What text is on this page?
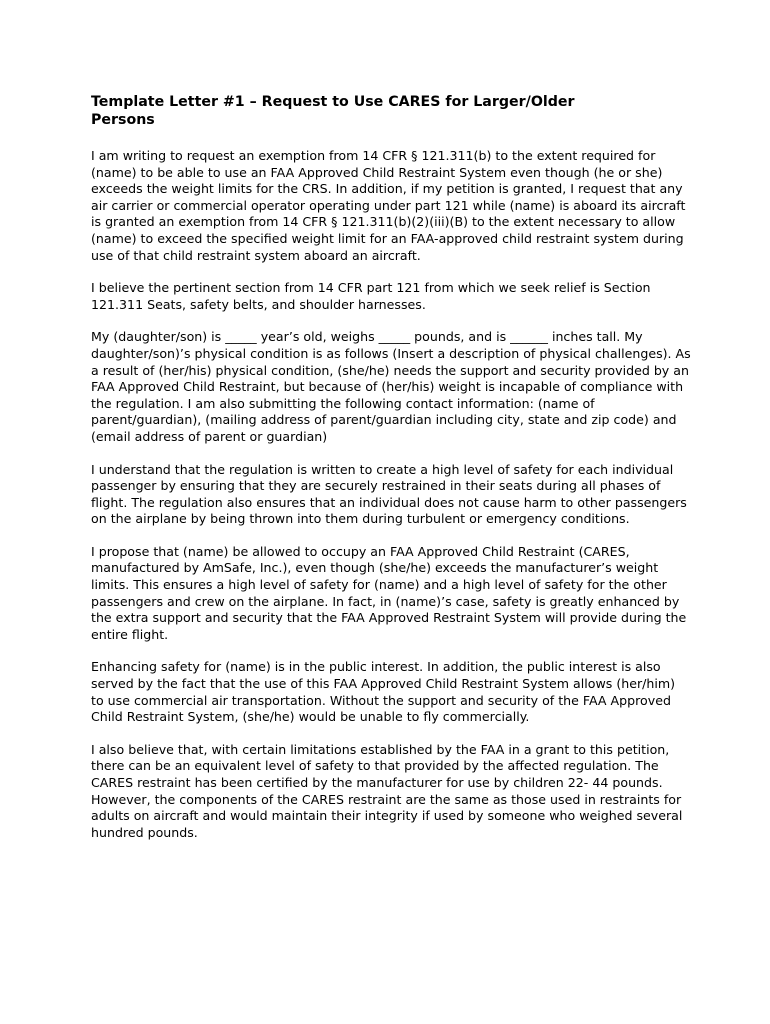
Template Letter #1 – Request to Use CARES for Larger/Older Persons

I am writing to request an exemption from 14 CFR § 121.311(b) to the extent required for (name) to be able to use an FAA Approved Child Restraint System even though (he or she) exceeds the weight limits for the CRS. In addition, if my petition is granted, I request that any air carrier or commercial operator operating under part 121 while (name) is aboard its aircraft is granted an exemption from 14 CFR § 121.311(b)(2)(iii)(B) to the extent necessary to allow (name) to exceed the specified weight limit for an FAA-approved child restraint system during use of that child restraint system aboard an aircraft.

I believe the pertinent section from 14 CFR part 121 from which we seek relief is Section 121.311 Seats, safety belts, and shoulder harnesses.

My (daughter/son) is _____ year’s old, weighs _____ pounds, and is ______ inches tall. My daughter/son)’s physical condition is as follows (Insert a description of physical challenges). As a result of (her/his) physical condition, (she/he) needs the support and security provided by an FAA Approved Child Restraint, but because of (her/his) weight is incapable of compliance with the regulation. I am also submitting the following contact information: (name of parent/guardian), (mailing address of parent/guardian including city, state and zip code) and (email address of parent or guardian)

I understand that the regulation is written to create a high level of safety for each individual passenger by ensuring that they are securely restrained in their seats during all phases of flight. The regulation also ensures that an individual does not cause harm to other passengers on the airplane by being thrown into them during turbulent or emergency conditions.

I propose that (name) be allowed to occupy an FAA Approved Child Restraint (CARES, manufactured by AmSafe, Inc.), even though (she/he) exceeds the manufacturer’s weight limits. This ensures a high level of safety for (name) and a high level of safety for the other passengers and crew on the airplane. In fact, in (name)’s case, safety is greatly enhanced by the extra support and security that the FAA Approved Restraint System will provide during the entire flight.

Enhancing safety for (name) is in the public interest. In addition, the public interest is also served by the fact that the use of this FAA Approved Child Restraint System allows (her/him) to use commercial air transportation. Without the support and security of the FAA Approved Child Restraint System, (she/he) would be unable to fly commercially.

I also believe that, with certain limitations established by the FAA in a grant to this petition, there can be an equivalent level of safety to that provided by the affected regulation. The CARES restraint has been certified by the manufacturer for use by children 22- 44 pounds. However, the components of the CARES restraint are the same as those used in restraints for adults on aircraft and would maintain their integrity if used by someone who weighed several hundred pounds.
